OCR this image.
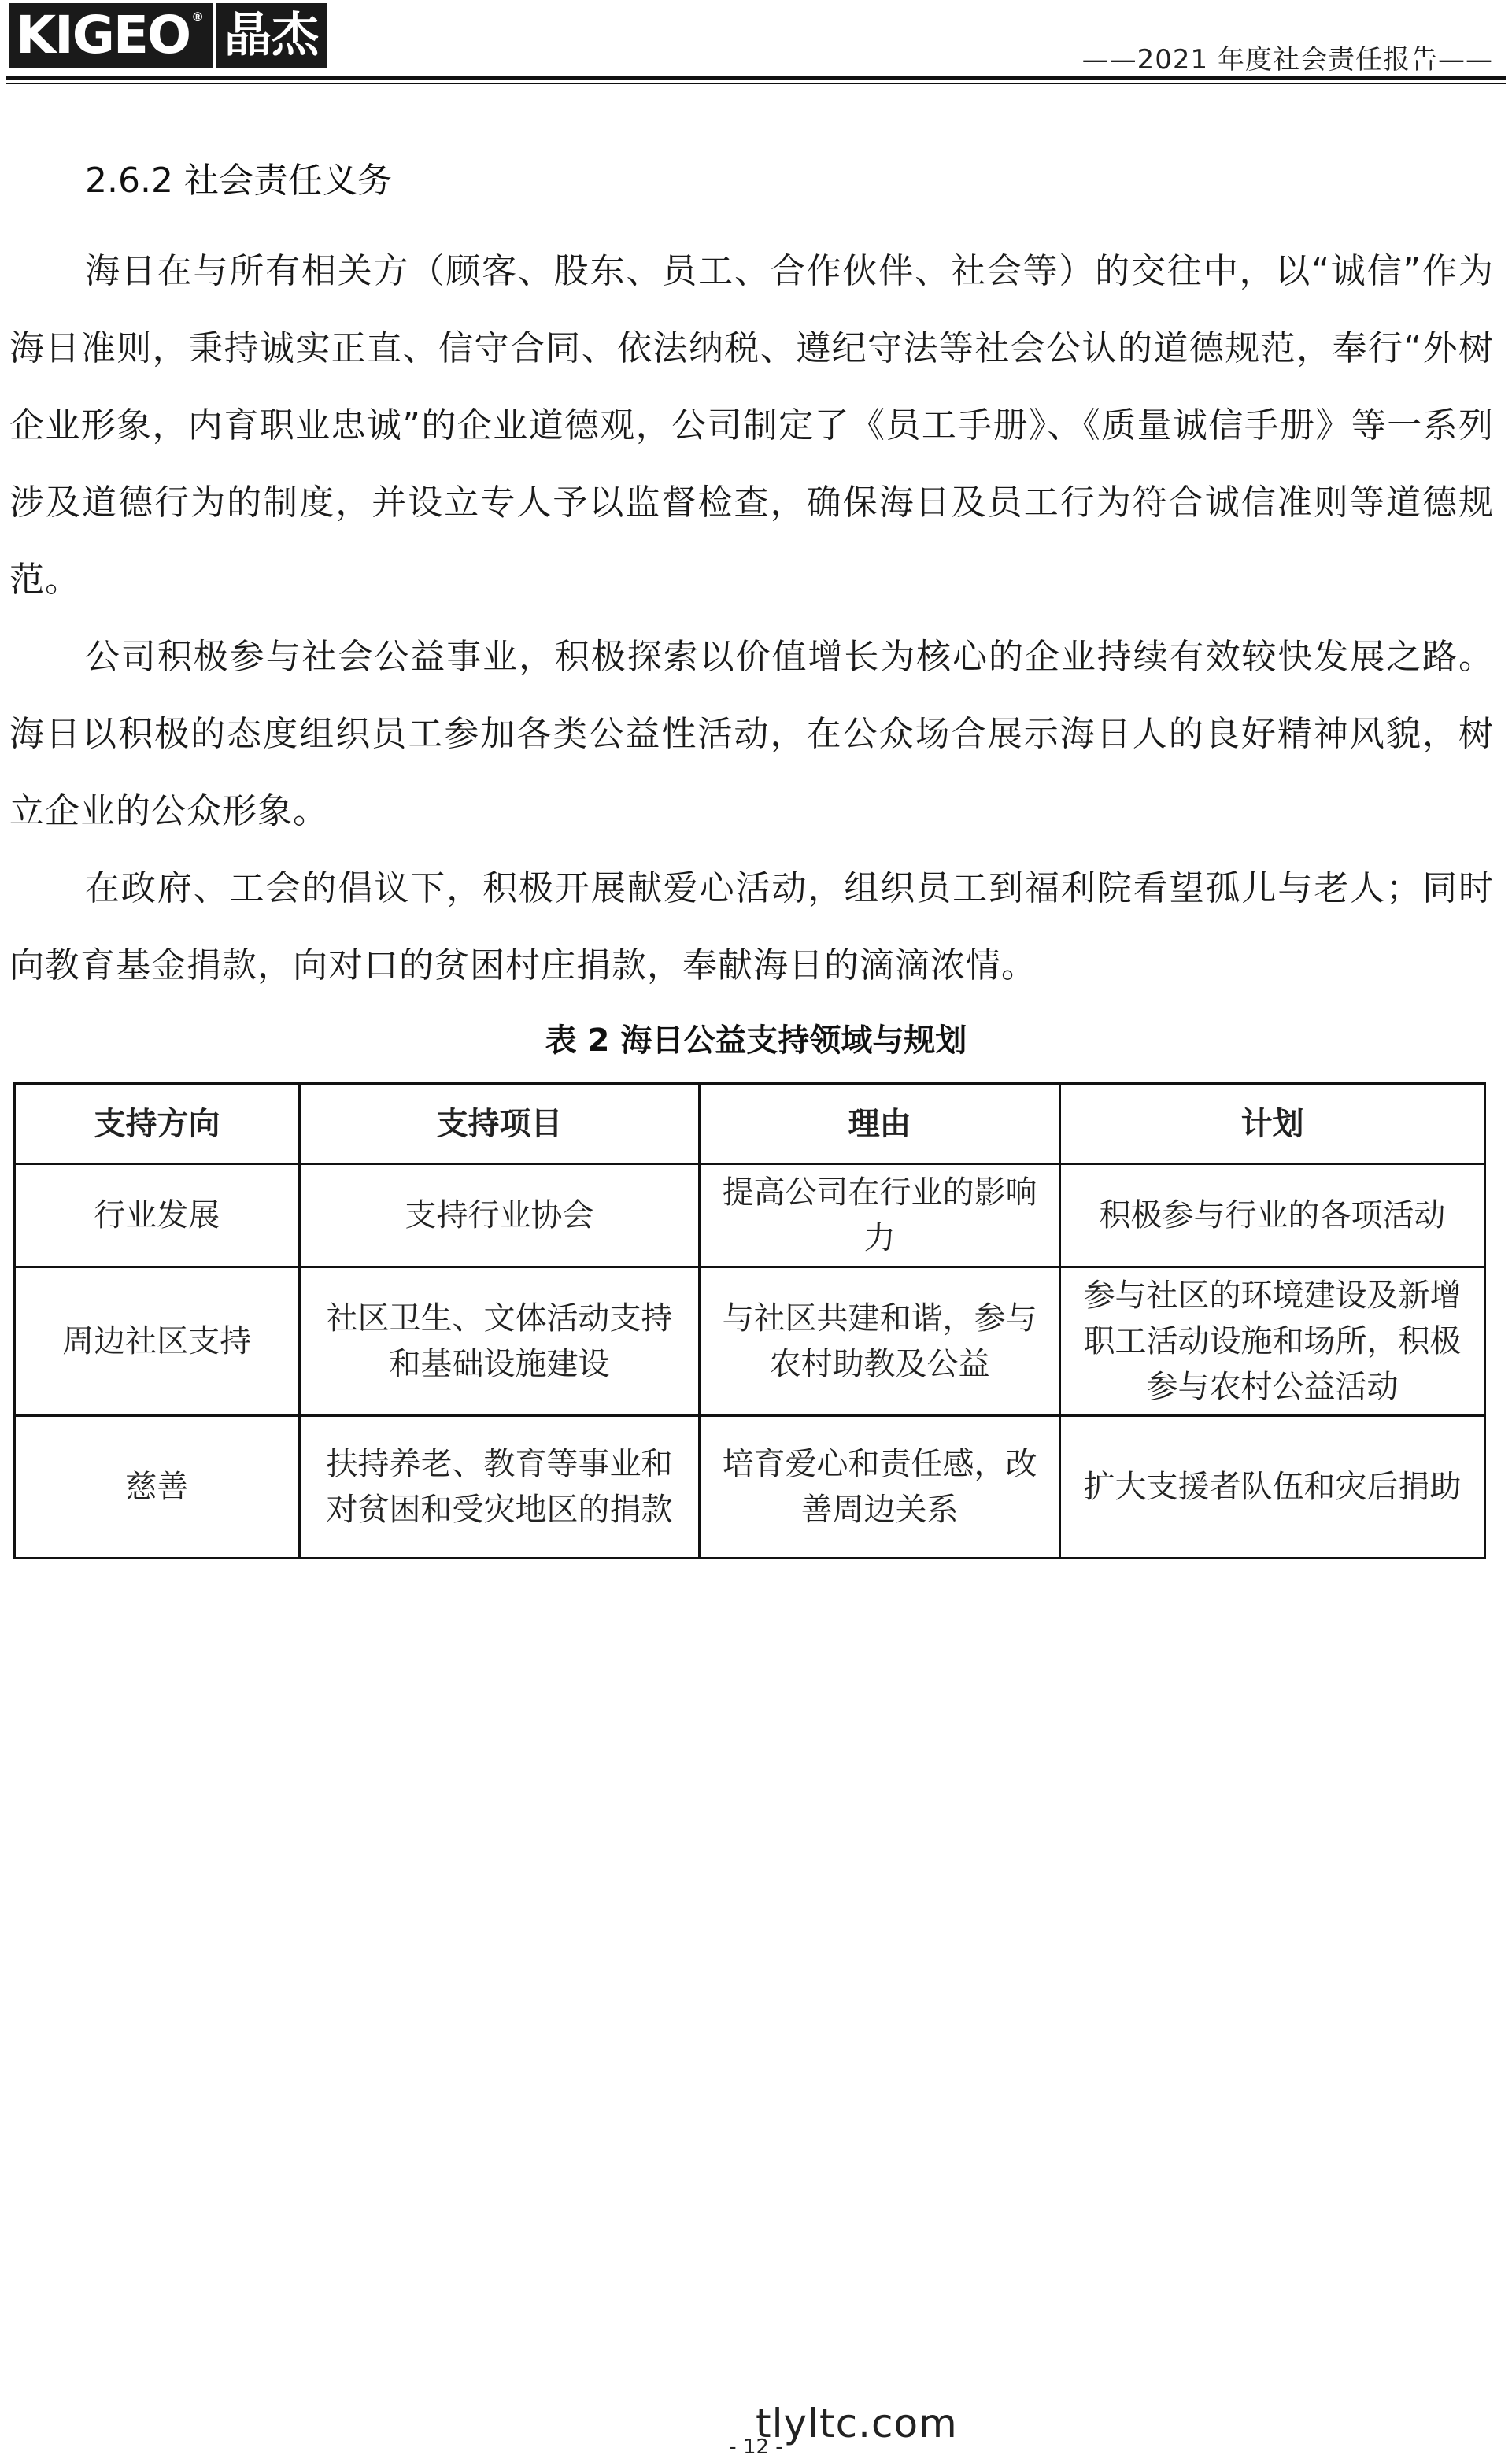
KIGEO ® 晶杰	——2021 年度社会责任报告——
2.6.2 社会责任义务

海日在与所有相关方（顾客、股东、员工、合作伙伴、社会等）的交往中，以“诚信”作为海日准则，秉持诚实正直、信守合同、依法纳税、遵纪守法等社会公认的道德规范，奉行“外树企业形象，内育职业忠诚”的企业道德观，公司制定了《员工手册》、《质量诚信手册》等一系列涉及道德行为的制度，并设立专人予以监督检查，确保海日及员工行为符合诚信准则等道德规范。

公司积极参与社会公益事业，积极探索以价值增长为核心的企业持续有效较快发展之路。海日以积极的态度组织员工参加各类公益性活动，在公众场合展示海日人的良好精神风貌，树立企业的公众形象。

在政府、工会的倡议下，积极开展献爱心活动，组织员工到福利院看望孤儿与老人；同时向教育基金捐款，向对口的贫困村庄捐款，奉献海日的滴滴浓情。

表 2 海日公益支持领域与规划
支持方向	支持项目	理由	计划
行业发展	支持行业协会	提高公司在行业的影响力	积极参与行业的各项活动
周边社区支持	社区卫生、文体活动支持和基础设施建设	与社区共建和谐，参与农村助教及公益	参与社区的环境建设及新增职工活动设施和场所，积极参与农村公益活动
慈善	扶持养老、教育等事业和对贫困和受灾地区的捐款	培育爱心和责任感，改善周边关系	扩大支援者队伍和灾后捐助
tlyltc.com
- 12 -
